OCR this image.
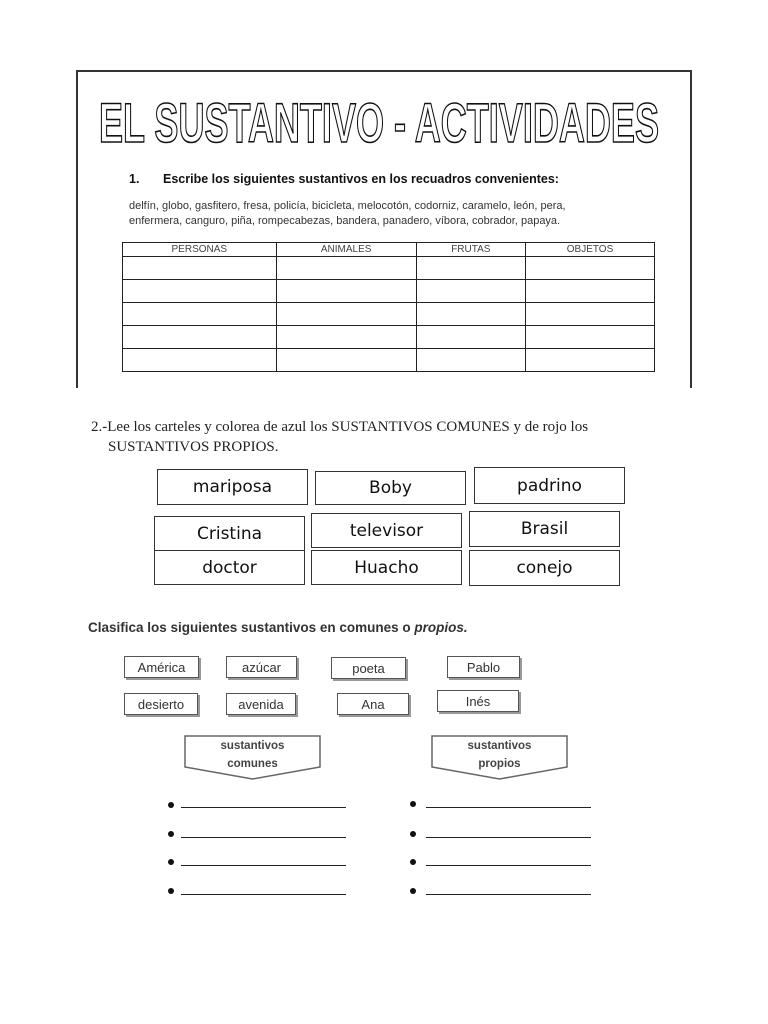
EL SUSTANTIVO - ACTIVIDADES
1. Escribe los siguientes sustantivos en los recuadros convenientes:
delfín, globo, gasfitero, fresa, policía, bicicleta, melocotón, codorniz, caramelo, león, pera,
enfermera, canguro, piña, rompecabezas, bandera, panadero, víbora, cobrador, papaya.
PERSONAS	ANIMALES	FRUTAS	OBJETOS

2.-Lee los carteles y colorea de azul los SUSTANTIVOS COMUNES y de rojo los
SUSTANTIVOS PROPIOS.
mariposa	Boby	padrino
Cristina	televisor	Brasil
doctor	Huacho	conejo
Clasifica los siguientes sustantivos en comunes o propios.
América	azúcar	poeta	Pablo
desierto	avenida	Ana	Inés
sustantivos
comunes
sustantivos
propios
